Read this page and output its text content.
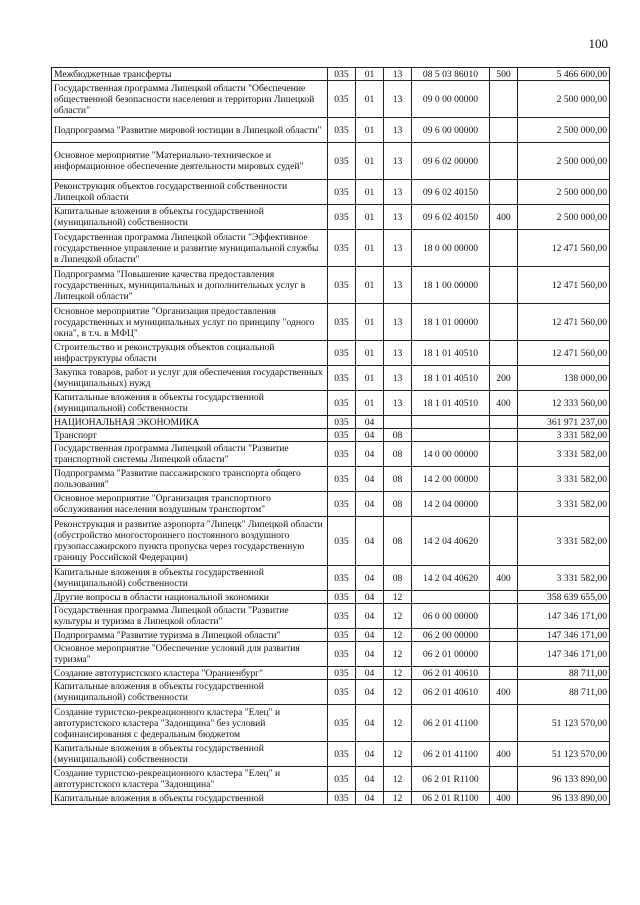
100
Межбюджетные трансферты	035	01	13	08 5 03 86010	500	5 466 600,00
Государственная программа Липецкой области "Обеспечение общественной безопасности населения и территории Липецкой области"	035	01	13	09 0 00 00000		2 500 000,00
Подпрограмма "Развитие мировой юстиции в Липецкой области"	035	01	13	09 6 00 00000		2 500 000,00
Основное мероприятие "Материально-техническое и информационное обеспечение деятельности мировых судей"	035	01	13	09 6 02 00000		2 500 000,00
Реконструкция объектов государственной собственности Липецкой области	035	01	13	09 6 02 40150		2 500 000,00
Капитальные вложения в объекты государственной (муниципальной) собственности	035	01	13	09 6 02 40150	400	2 500 000,00
Государственная программа Липецкой области "Эффективное государственное управление и развитие муниципальной службы в Липецкой области"	035	01	13	18 0 00 00000		12 471 560,00
Подпрограмма "Повышение качества предоставления государственных, муниципальных и дополнительных услуг в Липецкой области"	035	01	13	18 1 00 00000		12 471 560,00
Основное мероприятие "Организация предоставления государственных и муниципальных услуг по принципу "одного окна", в т.ч. в МФЦ"	035	01	13	18 1 01 00000		12 471 560,00
Строительство и реконструкция объектов социальной инфраструктуры области	035	01	13	18 1 01 40510		12 471 560,00
Закупка товаров, работ и услуг для обеспечения государственных (муниципальных) нужд	035	01	13	18 1 01 40510	200	138 000,00
Капитальные вложения в объекты государственной (муниципальной) собственности	035	01	13	18 1 01 40510	400	12 333 560,00
НАЦИОНАЛЬНАЯ ЭКОНОМИКА	035	04				361 971 237,00
Транспорт	035	04	08			3 331 582,00
Государственная программа Липецкой области "Развитие транспортной системы Липецкой области"	035	04	08	14 0 00 00000		3 331 582,00
Подпрограмма "Развитие пассажирского транспорта общего пользования"	035	04	08	14 2 00 00000		3 331 582,00
Основное мероприятие "Организация транспортного обслуживания населения воздушным транспортом"	035	04	08	14 2 04 00000		3 331 582,00
Реконструкция и развитие аэропорта "Липецк" Липецкой области (обустройство многостороннего постоянного воздушного грузопассажирского пункта пропуска через государственную границу Российской Федерации)	035	04	08	14 2 04 40620		3 331 582,00
Капитальные вложения в объекты государственной (муниципальной) собственности	035	04	08	14 2 04 40620	400	3 331 582,00
Другие вопросы в области национальной экономики	035	04	12			358 639 655,00
Государственная программа Липецкой области "Развитие культуры и туризма в Липецкой области"	035	04	12	06 0 00 00000		147 346 171,00
Подпрограмма "Развитие туризма в Липецкой области"	035	04	12	06 2 00 00000		147 346 171,00
Основное мероприятие "Обеспечение условий для развития туризма"	035	04	12	06 2 01 00000		147 346 171,00
Создание автотуристского кластера "Ораниенбург"	035	04	12	06 2 01 40610		88 711,00
Капитальные вложения в объекты государственной (муниципальной) собственности	035	04	12	06 2 01 40610	400	88 711,00
Создание туристско-рекреационного кластера "Елец" и автотуристского кластера "Задонщина" без условий софинансирования с федеральным бюджетом	035	04	12	06 2 01 41100		51 123 570,00
Капитальные вложения в объекты государственной (муниципальной) собственности	035	04	12	06 2 01 41100	400	51 123 570,00
Создание туристско-рекреационного кластера "Елец" и автотуристского кластера "Задонщина"	035	04	12	06 2 01 R1100		96 133 890,00
Капитальные вложения в объекты государственной	035	04	12	06 2 01 R1100	400	96 133 890,00
